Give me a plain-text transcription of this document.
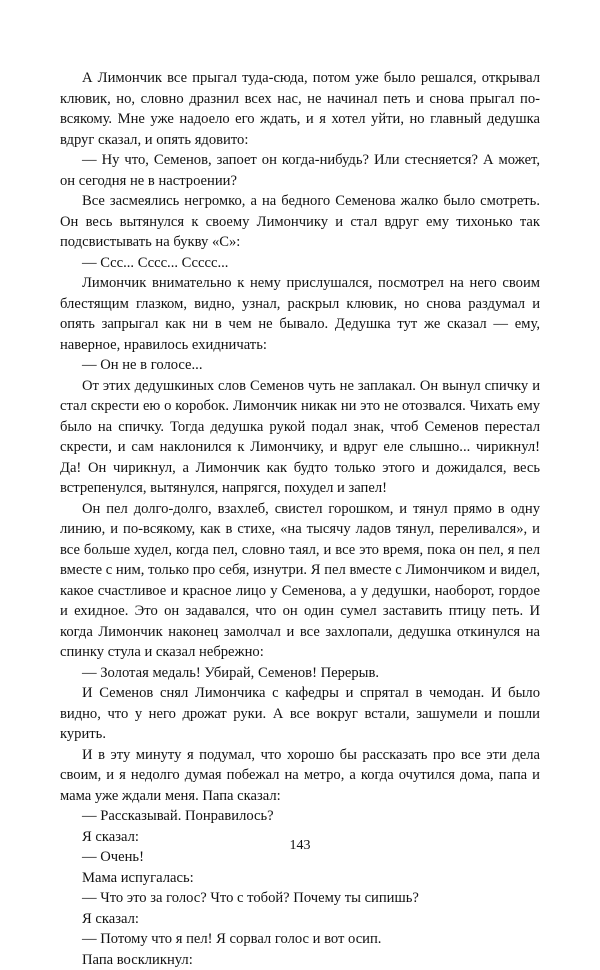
А Лимончик все прыгал туда-сюда, потом уже было решался, открывал клювик, но, словно дразнил всех нас, не начинал петь и снова прыгал по-всякому. Мне уже надоело его ждать, и я хотел уйти, но главный дедушка вдруг сказал, и опять ядовито:

— Ну что, Семенов, запоет он когда-нибудь? Или стесняется? А может, он сегодня не в настроении?

Все засмеялись негромко, а на бедного Семенова жалко было смотреть. Он весь вытянулся к своему Лимончику и стал вдруг ему тихонько так подсвистывать на букву «С»:

— Ссс... Сссс... Ссссс...

Лимончик внимательно к нему прислушался, посмотрел на него своим блестящим глазком, видно, узнал, раскрыл клювик, но снова раздумал и опять запрыгал как ни в чем не бывало. Дедушка тут же сказал — ему, наверное, нравилось ехидничать:

— Он не в голосе...

От этих дедушкиных слов Семенов чуть не заплакал. Он вынул спичку и стал скрести ею о коробок. Лимончик никак ни это не отозвался. Чихать ему было на спичку. Тогда дедушка рукой подал знак, чтоб Семенов перестал скрести, и сам наклонился к Лимончику, и вдруг еле слышно... чирикнул! Да! Он чирикнул, а Лимончик как будто только этого и дожидался, весь встрепенулся, вытянулся, напрягся, похудел и запел!

Он пел долго-долго, взахлеб, свистел горошком, и тянул прямо в одну линию, и по-всякому, как в стихе, «на тысячу ладов тянул, переливался», и все больше худел, когда пел, словно таял, и все это время, пока он пел, я пел вместе с ним, только про себя, изнутри. Я пел вместе с Лимончиком и видел, какое счастливое и красное лицо у Семенова, а у дедушки, наоборот, гордое и ехидное. Это он задавался, что он один сумел заставить птицу петь. И когда Лимончик наконец замолчал и все захлопали, дедушка откинулся на спинку стула и сказал небрежно:

— Золотая медаль! Убирай, Семенов! Перерыв.

И Семенов снял Лимончика с кафедры и спрятал в чемодан. И было видно, что у него дрожат руки. А все вокруг встали, зашумели и пошли курить.

И в эту минуту я подумал, что хорошо бы рассказать про все эти дела своим, и я недолго думая побежал на метро, а когда очутился дома, папа и мама уже ждали меня. Папа сказал:

— Рассказывай. Понравилось?

Я сказал:

— Очень!

Мама испугалась:

— Что это за голос? Что с тобой? Почему ты сипишь?

Я сказал:

— Потому что я пел! Я сорвал голос и вот осип.

Папа воскликнул:

143
